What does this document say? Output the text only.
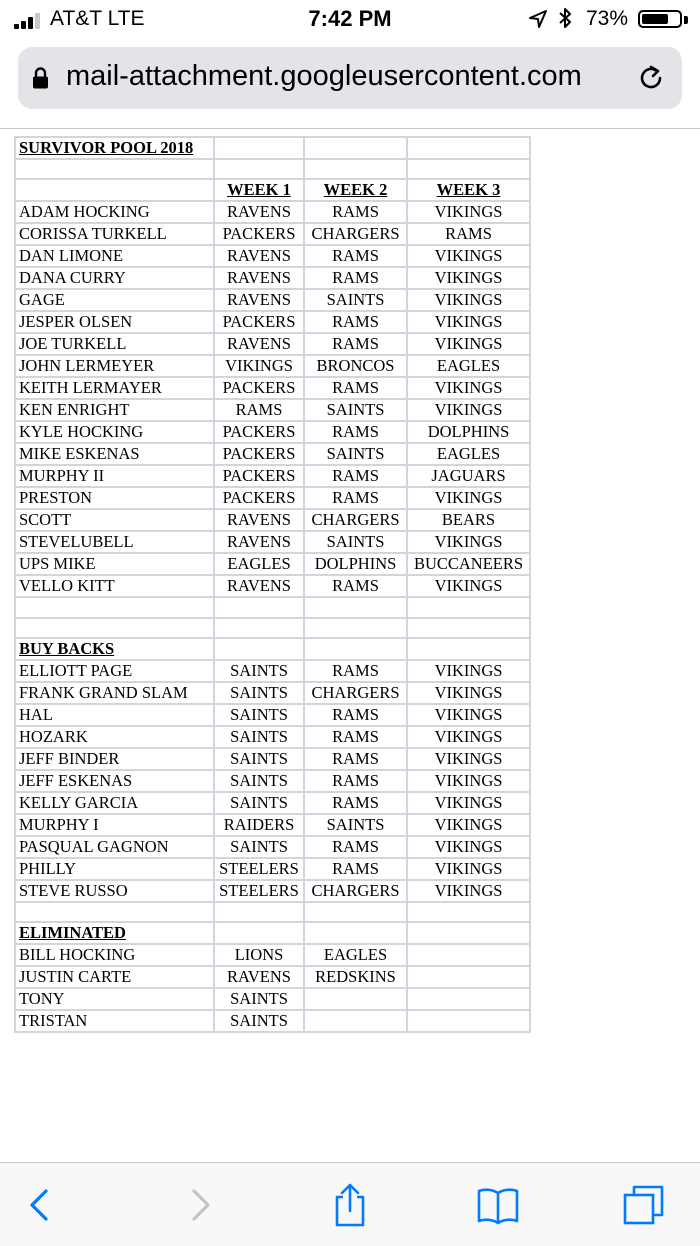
AT&T LTE	7:42 PM	73%
mail-attachment.googleusercontent.com
SURVIVOR POOL 2018			

	WEEK 1	WEEK 2	WEEK 3
ADAM HOCKING	RAVENS	RAMS	VIKINGS
CORISSA TURKELL	PACKERS	CHARGERS	RAMS
DAN LIMONE	RAVENS	RAMS	VIKINGS
DANA CURRY	RAVENS	RAMS	VIKINGS
GAGE	RAVENS	SAINTS	VIKINGS
JESPER OLSEN	PACKERS	RAMS	VIKINGS
JOE TURKELL	RAVENS	RAMS	VIKINGS
JOHN LERMEYER	VIKINGS	BRONCOS	EAGLES
KEITH LERMAYER	PACKERS	RAMS	VIKINGS
KEN ENRIGHT	RAMS	SAINTS	VIKINGS
KYLE HOCKING	PACKERS	RAMS	DOLPHINS
MIKE ESKENAS	PACKERS	SAINTS	EAGLES
MURPHY II	PACKERS	RAMS	JAGUARS
PRESTON	PACKERS	RAMS	VIKINGS
SCOTT	RAVENS	CHARGERS	BEARS
STEVELUBELL	RAVENS	SAINTS	VIKINGS
UPS MIKE	EAGLES	DOLPHINS	BUCCANEERS
VELLO KITT	RAVENS	RAMS	VIKINGS

BUY BACKS			
ELLIOTT PAGE	SAINTS	RAMS	VIKINGS
FRANK GRAND SLAM	SAINTS	CHARGERS	VIKINGS
HAL	SAINTS	RAMS	VIKINGS
HOZARK	SAINTS	RAMS	VIKINGS
JEFF BINDER	SAINTS	RAMS	VIKINGS
JEFF ESKENAS	SAINTS	RAMS	VIKINGS
KELLY GARCIA	SAINTS	RAMS	VIKINGS
MURPHY I	RAIDERS	SAINTS	VIKINGS
PASQUAL GAGNON	SAINTS	RAMS	VIKINGS
PHILLY	STEELERS	RAMS	VIKINGS
STEVE RUSSO	STEELERS	CHARGERS	VIKINGS

ELIMINATED			
BILL HOCKING	LIONS	EAGLES	
JUSTIN CARTE	RAVENS	REDSKINS	
TONY	SAINTS		
TRISTAN	SAINTS		
